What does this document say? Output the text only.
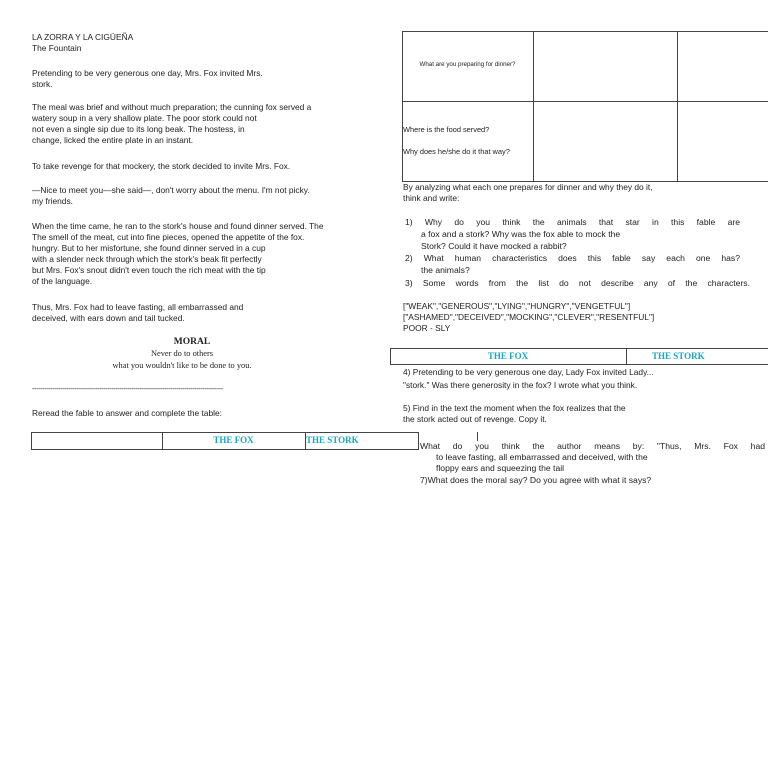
LA ZORRA Y LA CIGÜEÑA
The Fountain
Pretending to be very generous one day, Mrs. Fox invited Mrs.
stork.
The meal was brief and without much preparation; the cunning fox served a
watery soup in a very shallow plate. The poor stork could not
not even a single sip due to its long beak. The hostess, in
change, licked the entire plate in an instant.
To take revenge for that mockery, the stork decided to invite Mrs. Fox.
—Nice to meet you—she said—, don't worry about the menu. I'm not picky.
my friends.
When the time came, he ran to the stork's house and found dinner served. The
The smell of the meat, cut into fine pieces, opened the appetite of the fox.
hungry. But to her misfortune, she found dinner served in a cup
with a slender neck through which the stork's beak fit perfectly
but Mrs. Fox's snout didn't even touch the rich meat with the tip
of the language.
Thus, Mrs. Fox had to leave fasting, all embarrassed and
deceived, with ears down and tail tucked.
MORAL
Never do to others
what you wouldn't like to be done to you.
----------------------------------------------------------------------------------------------
Reread the fable to answer and complete the table:
THE FOX	THE STORK
What are you preparing for dinner?
Where is the food served?
Why does he/she do it that way?
By analyzing what each one prepares for dinner and why they do it,
think and write:
1) Why do you think the animals that star in this fable are
a fox and a stork? Why was the fox able to mock the
Stork? Could it have mocked a rabbit?
2) What human characteristics does this fable say each one has?
the animals?
3) Some words from the list do not describe any of the characters.
["WEAK","GENEROUS","LYING","HUNGRY","VENGETFUL"]
["ASHAMED","DECEIVED","MOCKING","CLEVER","RESENTFUL"]
POOR - SLY
THE FOX	THE STORK
4) Pretending to be very generous one day, Lady Fox invited Lady...
"stork." Was there generosity in the fox? I wrote what you think.
5) Find in the text the moment when the fox realizes that the
the stork acted out of revenge. Copy it.
What do you think the author means by: "Thus, Mrs. Fox had
to leave fasting, all embarrassed and deceived, with the
floppy ears and squeezing the tail
7)What does the moral say? Do you agree with what it says?
